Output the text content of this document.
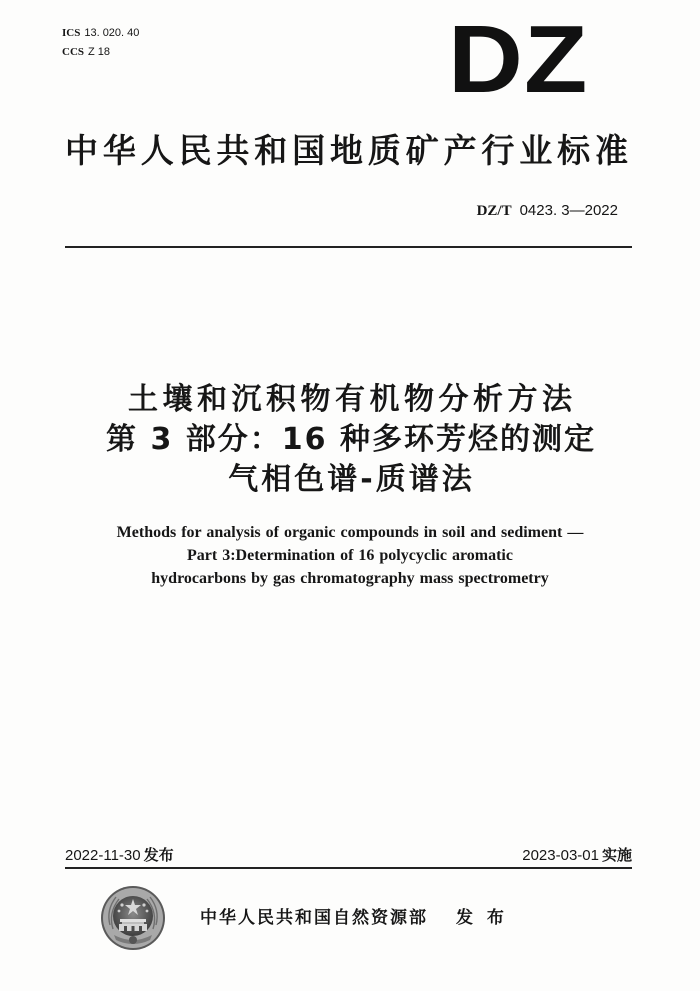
ICS 13. 020. 40
CCS Z 18	DZ
中华人民共和国地质矿产行业标准
DZ/T 0423. 3—2022
土壤和沉积物有机物分析方法
第 3 部分：16 种多环芳烃的测定
气相色谱-质谱法
Methods for analysis of organic compounds in soil and sediment —
Part 3:Determination of 16 polycyclic aromatic
hydrocarbons by gas chromatography mass spectrometry
2022-11-30 发布	2023-03-01 实施
中华人民共和国自然资源部 发 布
